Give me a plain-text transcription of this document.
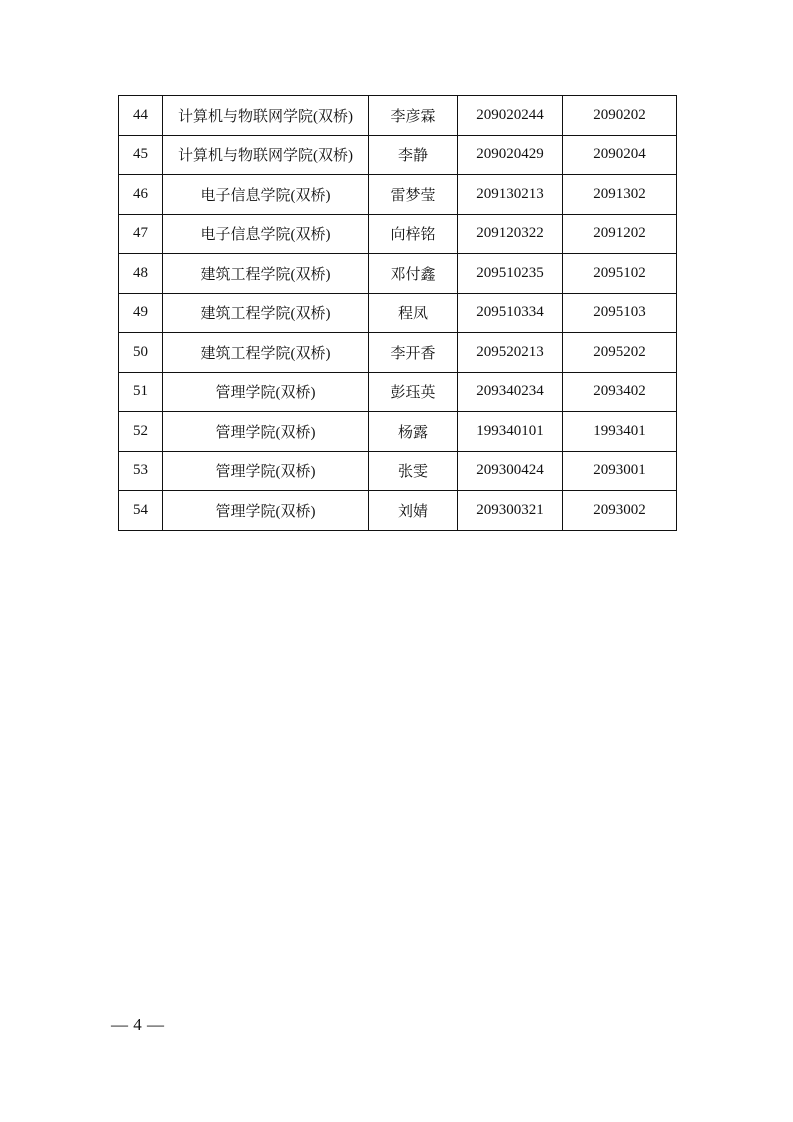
44	计算机与物联网学院(双桥)	李彦霖	209020244	2090202
45	计算机与物联网学院(双桥)	李静	209020429	2090204
46	电子信息学院(双桥)	雷梦莹	209130213	2091302
47	电子信息学院(双桥)	向梓铭	209120322	2091202
48	建筑工程学院(双桥)	邓付鑫	209510235	2095102
49	建筑工程学院(双桥)	程凤	209510334	2095103
50	建筑工程学院(双桥)	李开香	209520213	2095202
51	管理学院(双桥)	彭珏英	209340234	2093402
52	管理学院(双桥)	杨露	199340101	1993401
53	管理学院(双桥)	张雯	209300424	2093001
54	管理学院(双桥)	刘婧	209300321	2093002
— 4 —
